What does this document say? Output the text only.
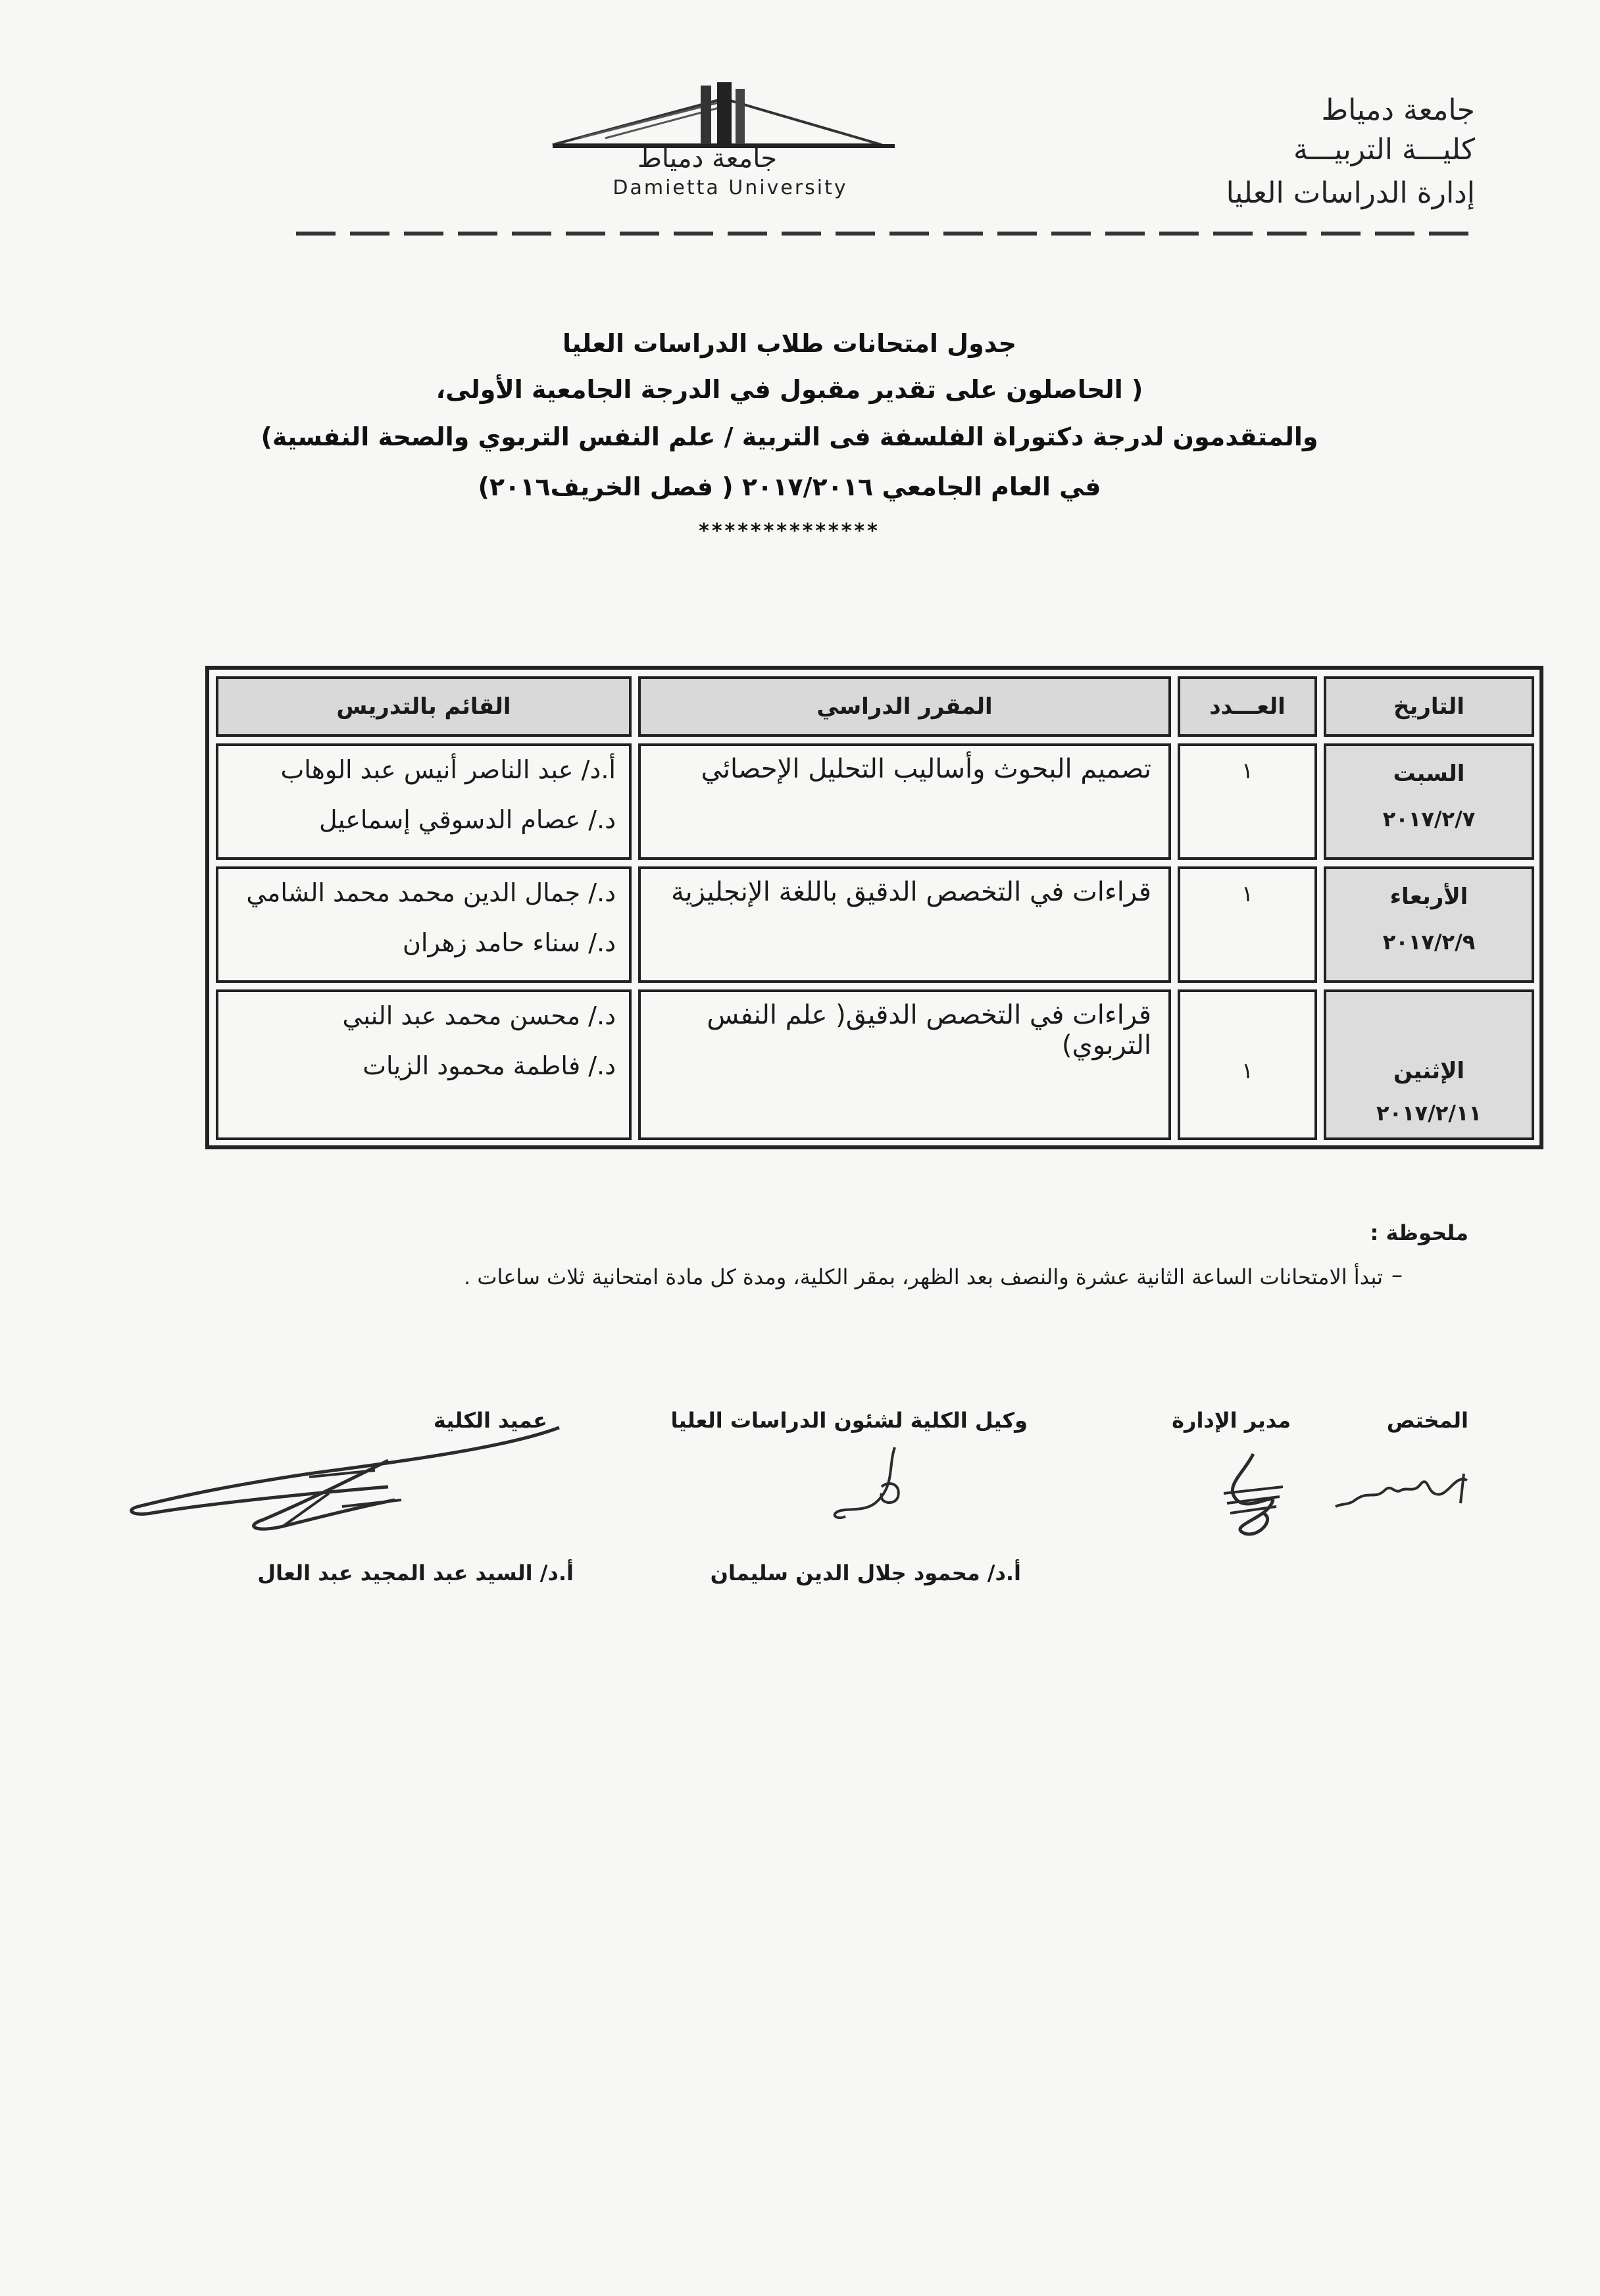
جامعة دمياط
كليـــة التربيـــة
إدارة الدراسات العليا
جامعة دمياط
Damietta University
جدول امتحانات طلاب الدراسات العليا
( الحاصلون على تقدير مقبول في الدرجة الجامعية الأولى،
والمتقدمون لدرجة دكتوراة الفلسفة فى التربية / علم النفس التربوي والصحة النفسية)
في العام الجامعي ٢٠١٧/٢٠١٦ ( فصل الخريف٢٠١٦)
**************
التاريخ
العـــدد
المقرر الدراسي
القائم بالتدريس
السبت
٢٠١٧/٢/٧
١
تصميم البحوث وأساليب التحليل الإحصائي
أ.د/ عبد الناصر أنيس عبد الوهاب
د./ عصام الدسوقي إسماعيل
الأربعاء
٢٠١٧/٢/٩
١
قراءات في التخصص الدقيق باللغة الإنجليزية
د./ جمال الدين محمد محمد الشامي
د./ سناء حامد زهران
الإثنين
٢٠١٧/٢/١١
١
قراءات في التخصص الدقيق( علم النفس التربوي)
د./ محسن محمد عبد النبي
د./ فاطمة محمود الزيات
ملحوظة :
–
تبدأ الامتحانات الساعة الثانية عشرة والنصف بعد الظهر، بمقر الكلية، ومدة كل مادة امتحانية ثلاث ساعات .
المختص
مدير الإدارة
وكيل الكلية لشئون الدراسات العليا
عميد الكلية
أ.د/ محمود جلال الدين سليمان
أ.د/ السيد عبد المجيد عبد العال
